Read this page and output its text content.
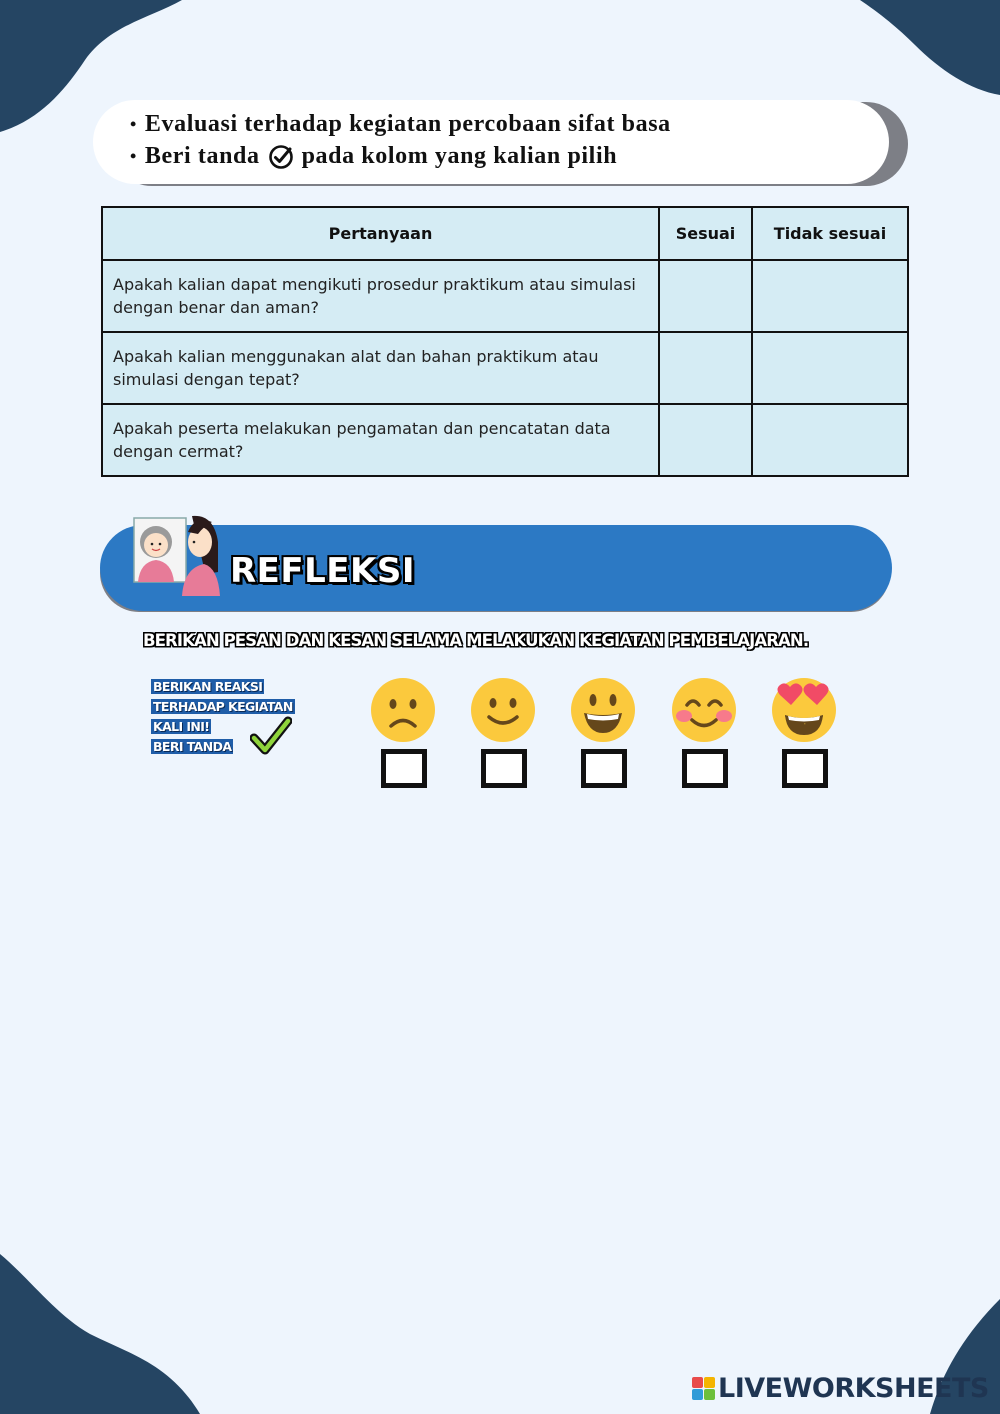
• Evaluasi terhadap kegiatan percobaan sifat basa
• Beri tanda pada kolom yang kalian pilih
Pertanyaan	Sesuai	Tidak sesuai
Apakah kalian dapat mengikuti prosedur praktikum atau simulasi dengan benar dan aman?		
Apakah kalian menggunakan alat dan bahan praktikum atau simulasi dengan tepat?		
Apakah peserta melakukan pengamatan dan pencatatan data dengan cermat?		
REFLEKSI
BERIKAN PESAN DAN KESAN SELAMA MELAKUKAN KEGIATAN PEMBELAJARAN.
BERIKAN REAKSI
TERHADAP KEGIATAN
KALI INI!
BERI TANDA
LIVEWORKSHEETS
